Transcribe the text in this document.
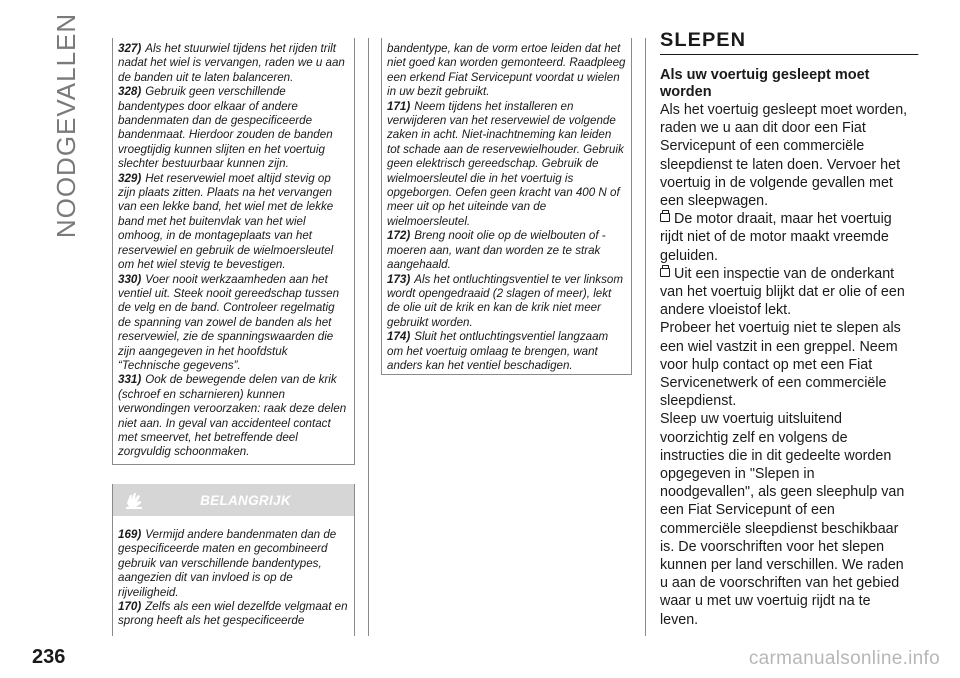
NOODGEVALLEN	327) Als het stuurwiel tijdens het rijden trilt nadat het wiel is vervangen, raden we u aan de banden uit te laten balanceren.

328) Gebruik geen verschillende bandentypes door elkaar of andere bandenmaten dan de gespecificeerde bandenmaat. Hierdoor zouden de banden vroegtijdig kunnen slijten en het voertuig slechter bestuurbaar kunnen zijn.

329) Het reservewiel moet altijd stevig op zijn plaats zitten. Plaats na het vervangen van een lekke band, het wiel met de lekke band met het buitenvlak van het wiel omhoog, in de montageplaats van het reservewiel en gebruik de wielmoersleutel om het wiel stevig te bevestigen.

330) Voer nooit werkzaamheden aan het ventiel uit. Steek nooit gereedschap tussen de velg en de band. Controleer regelmatig de spanning van zowel de banden als het reservewiel, zie de spanningswaarden die zijn aangegeven in het hoofdstuk “Technische gegevens”.

331) Ook de bewegende delen van de krik (schroef en scharnieren) kunnen verwondingen veroorzaken: raak deze delen niet aan. In geval van accidenteel contact met smeervet, het betreffende deel zorgvuldig schoonmaken.

BELANGRIJK

169) Vermijd andere bandenmaten dan de gespecificeerde maten en gecombineerd gebruik van verschillende bandentypes, aangezien dit van invloed is op de rijveiligheid.

170) Zelfs als een wiel dezelfde velgmaat en sprong heeft als het gespecificeerde

bandentype, kan de vorm ertoe leiden dat het niet goed kan worden gemonteerd. Raadpleeg een erkend Fiat Servicepunt voordat u wielen in uw bezit gebruikt.

171) Neem tijdens het installeren en verwijderen van het reservewiel de volgende zaken in acht. Niet-inachtneming kan leiden tot schade aan de reservewielhouder. Gebruik geen elektrisch gereedschap. Gebruik de wielmoersleutel die in het voertuig is opgeborgen. Oefen geen kracht van 400 N of meer uit op het uiteinde van de wielmoersleutel.

172) Breng nooit olie op de wielbouten of -moeren aan, want dan worden ze te strak aangehaald.

173) Als het ontluchtingsventiel te ver linksom wordt opengedraaid (2 slagen of meer), lekt de olie uit de krik en kan de krik niet meer gebruikt worden.

174) Sluit het ontluchtingsventiel langzaam om het voertuig omlaag te brengen, want anders kan het ventiel beschadigen.

SLEPEN
Als uw voertuig gesleept moet worden

Als het voertuig gesleept moet worden, raden we u aan dit door een Fiat Servicepunt of een commerciële sleepdienst te laten doen. Vervoer het voertuig in de volgende gevallen met een sleepwagen.

De motor draait, maar het voertuig rijdt niet of de motor maakt vreemde geluiden.

Uit een inspectie van de onderkant van het voertuig blijkt dat er olie of een andere vloeistof lekt.

Probeer het voertuig niet te slepen als een wiel vastzit in een greppel. Neem voor hulp contact op met een Fiat Servicenetwerk of een commerciële sleepdienst.

Sleep uw voertuig uitsluitend voorzichtig zelf en volgens de instructies die in dit gedeelte worden opgegeven in "Slepen in noodgevallen", als geen sleephulp van een Fiat Servicepunt of een commerciële sleepdienst beschikbaar is. De voorschriften voor het slepen kunnen per land verschillen. We raden u aan de voorschriften van het gebied waar u met uw voertuig rijdt na te leven.

236	carmanualsonline.info
